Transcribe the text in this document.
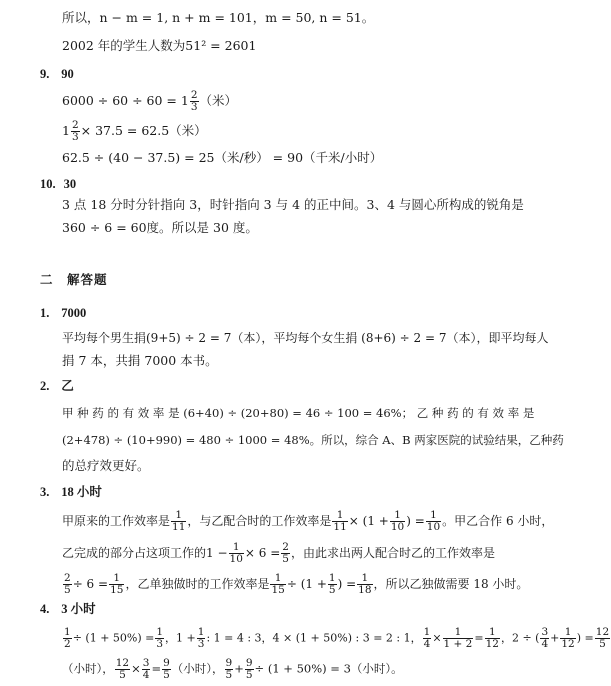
所以，n − m = 1, n + m = 101，m = 50, n = 51。
2002 年的学生人数为51² = 2601
9. 90
$6000 \div 60 \div 60 = 1 \frac{2}{3}$ （米）
$1 \frac{2}{3} \times 37.5 = 62.5$（米）
62.5 ÷ (40 − 37.5) = 25（米/秒） = 90（千米/小时）
10. 30
3 点 18 分时分针指向 3，时针指向 3 与 4 的正中间。3、4 与圆心所构成的锐角是
360 ÷ 6 = 60度。所以是 30 度。
二　解答题
1. 7000
平均每个男生捐(9+5) ÷ 2 = 7（本），平均每个女生捐 (8+6) ÷ 2 = 7（本），即平均每人
捐 7 本，共捐 7000 本书。
2. 乙
甲 种 药 的 有 效 率 是 (6+40) ÷ (20+80) = 46 ÷ 100 = 46%； 乙 种 药 的 有 效 率 是
(2+478) ÷ (10+990) = 480 ÷ 1000 = 48%。所以，综合 A、B 两家医院的试验结果，乙种药
的总疗效更好。
3. 18 小时
甲原来的工作效率是 $\frac{1}{11}$ ，与乙配合时的工作效率是 $\frac{1}{11} \times (1 + \frac{1}{10}$ ) = $\frac{1}{10}$ 。甲乙合作 6 小时，
乙完成的部分占这项工作的$1 - \frac{1}{10} \times 6 = \frac{2}{5}$ ，由此求出两人配合时乙的工作效率是
$\frac{2}{5} \div 6 = \frac{1}{15}$ ，乙单独做时的工作效率是 $\frac{1}{15} \div (1 + \frac{1}{5}$ ) = $\frac{1}{18}$ ，所以乙独做需要 18 小时。
4. 3 小时
$\frac{1}{2} \div (1 + 50\%) = \frac{1}{3}$ ，$1 + \frac{1}{3}$ : 1 = 4 : 3，4 × (1 + 50%) : 3 = 2 : 1， $\frac{1}{4} \times \frac{1}{1 + 2} = \frac{1}{12}$ ，2 ÷ ( $\frac{3}{4} + \frac{1}{12}$ ) = $\frac{12}{5}$
（小时）， $\frac{12}{5} \times \frac{3}{4} = \frac{9}{5}$ （小时）， $\frac{9}{5} + \frac{9}{5} \div (1 + 50\%) = 3$（小时）。
